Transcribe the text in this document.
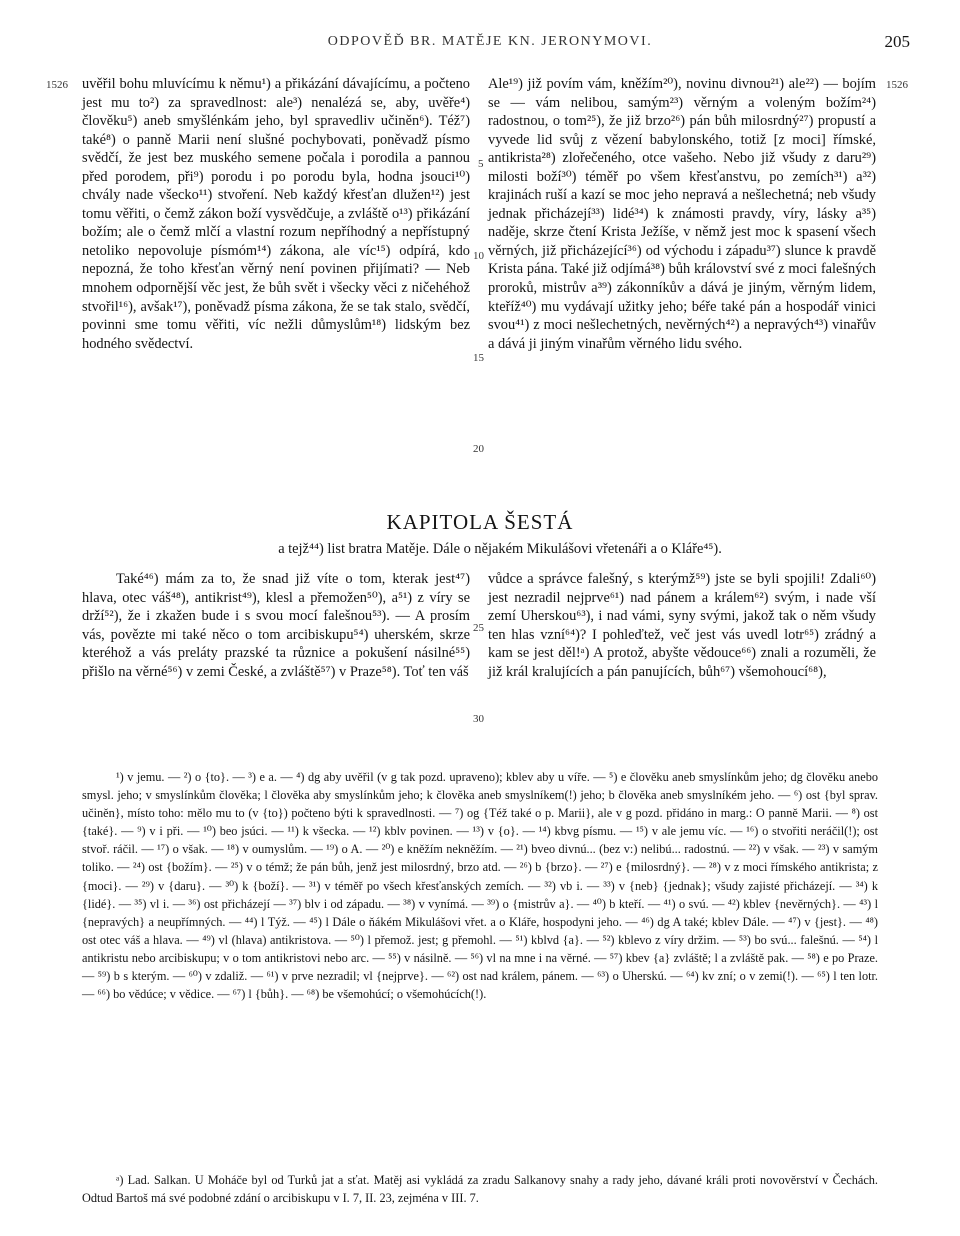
ODPOVĚĎ BR. MATĚJE KN. JERONYMOVI.	205
1526	1526
5
10
15
20
25
30

uvěřil bohu mluvícímu k němu¹) a přikázání dávajícímu, a počteno jest mu to²) za spravedlnost: ale³) nenalézá se, aby, uvěře⁴) člověku⁵) aneb smyšlénkám jeho, byl spravedliv učiněn⁶). Též⁷) také⁸) o panně Marii není slušné pochybovati, poněvadž písmo svědčí, že jest bez muského semene počala i porodila a pannou před porodem, při⁹) porodu i po porodu byla, hodna jsouci¹⁰) chvály nade všecko¹¹) stvoření. Neb každý křesťan dlužen¹²) jest tomu věřiti, o čemž zákon boží vysvědčuje, a zvláště o¹³) přikázání božím; ale o čemž mlčí a vlastní rozum nepříhodný a nepřístupný netoliko nepovoluje písmóm¹⁴) zákona, ale víc¹⁵) odpírá, kdo nepozná, že toho křesťan věrný není povinen přijímati? — Neb mnohem odpornější věc jest, že bůh svět i všecky věci z ničehéhož stvořil¹⁶), avšak¹⁷), poněvadž písma zákona, že se tak stalo, svědčí, povinni sme tomu věřiti, víc nežli důmyslům¹⁸) lidským bez hodného svědectví.

Ale¹⁹) již povím vám, kněžím²⁰), novinu divnou²¹) ale²²) — bojím se — vám nelibou, samým²³) věrným a voleným božím²⁴) radostnou, o tom²⁵), že již brzo²⁶) pán bůh milosrdný²⁷) propustí a vyvede lid svůj z vězení babylonského, totiž [z moci] římské, antikrista²⁸) zlořečeného, otce vašeho. Nebo již všudy z daru²⁹) milosti boží³⁰) téměř po všem křesťanstvu, po zemích³¹) a³²) krajinách ruší a kazí se moc jeho nepravá a nešlechetná; neb všudy jednak přicházejí³³) lidé³⁴) k známosti pravdy, víry, lásky a³⁵) naděje, skrze čtení Krista Ježíše, v němž jest moc k spasení všech věrných, již přicházející³⁶) od východu i západu³⁷) slunce k pravdě Krista pána. Také již odjímá³⁸) bůh království své z moci falešných proroků, mistrův a³⁹) zákonníkův a dává je jiným, věrným lidem, kteříž⁴⁰) mu vydávají užitky jeho; béře také pán a hospodář vinici svou⁴¹) z moci nešlechetných, nevěrných⁴²) a nepravých⁴³) vinařův a dává ji jiným vinařům věrného lidu svého.

KAPITOLA ŠESTÁ
a tejž⁴⁴) list bratra Matěje. Dále o nějakém Mikulášovi vřetenáři a o Kláře⁴⁵).

Také⁴⁶) mám za to, že snad již víte o tom, kterak jest⁴⁷) hlava, otec váš⁴⁸), antikrist⁴⁹), klesl a přemožen⁵⁰), a⁵¹) z víry se drží⁵²), že i zkažen bude i s svou mocí falešnou⁵³). — A prosím vás, povězte mi také něco o tom arcibiskupu⁵⁴) uherském, skrze kteréhož a vás preláty prazské ta různice a pokušení násilné⁵⁵) přišlo na věrné⁵⁶) v zemi České, a zvláště⁵⁷) v Praze⁵⁸). Toť ten váš

vůdce a správce falešný, s kterýmž⁵⁹) jste se byli spojili! Zdali⁶⁰) jest nezradil nejprve⁶¹) nad pánem a králem⁶²) svým, i nade vší zemí Uherskou⁶³), i nad vámi, syny svými, jakož tak o něm všudy ten hlas vzní⁶⁴)? I pohleďtež, več jest vás uvedl lotr⁶⁵) zrádný a kam se jest děl!ᵃ) A protož, abyšte vědouce⁶⁶) znali a rozuměli, že již král kralujících a pán panujících, bůh⁶⁷) všemohoucí⁶⁸),

¹) v jemu. — ²) o {to}. — ³) e a. — ⁴) dg aby uvěřil (v g tak pozd. upraveno); kblev aby u víře. — ⁵) e člověku aneb smyslínkům jeho; dg člověku anebo smysl. jeho; v smyslínkům člověka; l člověka aby smyslínkům jeho; k člověka aneb smyslníkem(!) jeho; b člověka aneb smyslníkém jeho. — ⁶) ost {byl sprav. učiněn}, místo toho: mělo mu to (v {to}) počteno býti k spravedlnosti. — ⁷) og {Též také o p. Marii}, ale v g pozd. přidáno in marg.: O panně Marii. — ⁸) ost {také}. — ⁹) v i při. — ¹⁰) beo jsúci. — ¹¹) k všecka. — ¹²) kblv povinen. — ¹³) v {o}. — ¹⁴) kbvg písmu. — ¹⁵) v ale jemu víc. — ¹⁶) o stvořiti neráčil(!); ost stvoř. ráčil. — ¹⁷) o však. — ¹⁸) v oumyslům. — ¹⁹) o A. — ²⁰) e kněžím nekněžím. — ²¹) bveo divnú... (bez v:) nelibú... radostnú. — ²²) v však. — ²³) v samým toliko. — ²⁴) ost {božím}. — ²⁵) v o témž; že pán bůh, jenž jest milosrdný, brzo atd. — ²⁶) b {brzo}. — ²⁷) e {milosrdný}. — ²⁸) v z moci římského antikrista; z {moci}. — ²⁹) v {daru}. — ³⁰) k {boží}. — ³¹) v téměř po všech křesťanských zemích. — ³²) vb i. — ³³) v {neb} {jednak}; všudy zajisté přicházejí. — ³⁴) k {lidé}. — ³⁵) vl i. — ³⁶) ost přicházejí — ³⁷) blv i od západu. — ³⁸) v vynímá. — ³⁹) o {mistrův a}. — ⁴⁰) b kteří. — ⁴¹) o svú. — ⁴²) kblev {nevěrných}. — ⁴³) l {nepravých} a neupřímných. — ⁴⁴) l Týž. — ⁴⁵) l Dále o ňákém Mikulášovi vřet. a o Kláře, hospodyni jeho. — ⁴⁶) dg A také; kblev Dále. — ⁴⁷) v {jest}. — ⁴⁸) ost otec váš a hlava. — ⁴⁹) vl (hlava) antikristova. — ⁵⁰) l přemož. jest; g přemohl. — ⁵¹) kblvd {a}. — ⁵²) kblevo z víry držim. — ⁵³) bo svú... falešnú. — ⁵⁴) l antikristu nebo arcibiskupu; v o tom antikristovi nebo arc. — ⁵⁵) v násilně. — ⁵⁶) vl na mne i na věrné. — ⁵⁷) kbev {a} zvláště; l a zvláště pak. — ⁵⁸) e po Praze. — ⁵⁹) b s kterým. — ⁶⁰) v zdaliž. — ⁶¹) v prve nezradil; vl {nejprve}. — ⁶²) ost nad králem, pánem. — ⁶³) o Uherskú. — ⁶⁴) kv zní; o v zemi(!). — ⁶⁵) l ten lotr. — ⁶⁶) bo vědúce; v vědice. — ⁶⁷) l {bůh}. — ⁶⁸) be všemohúcí; o všemohúcích(!).

ᵃ) Lad. Salkan. U Moháče byl od Turků jat a sťat. Matěj asi vykládá za zradu Salkanovy snahy a rady jeho, dávané králi proti novověrství v Čechách. Odtud Bartoš má své podobné zdání o arcibiskupu v I. 7, II. 23, zejména v III. 7.
